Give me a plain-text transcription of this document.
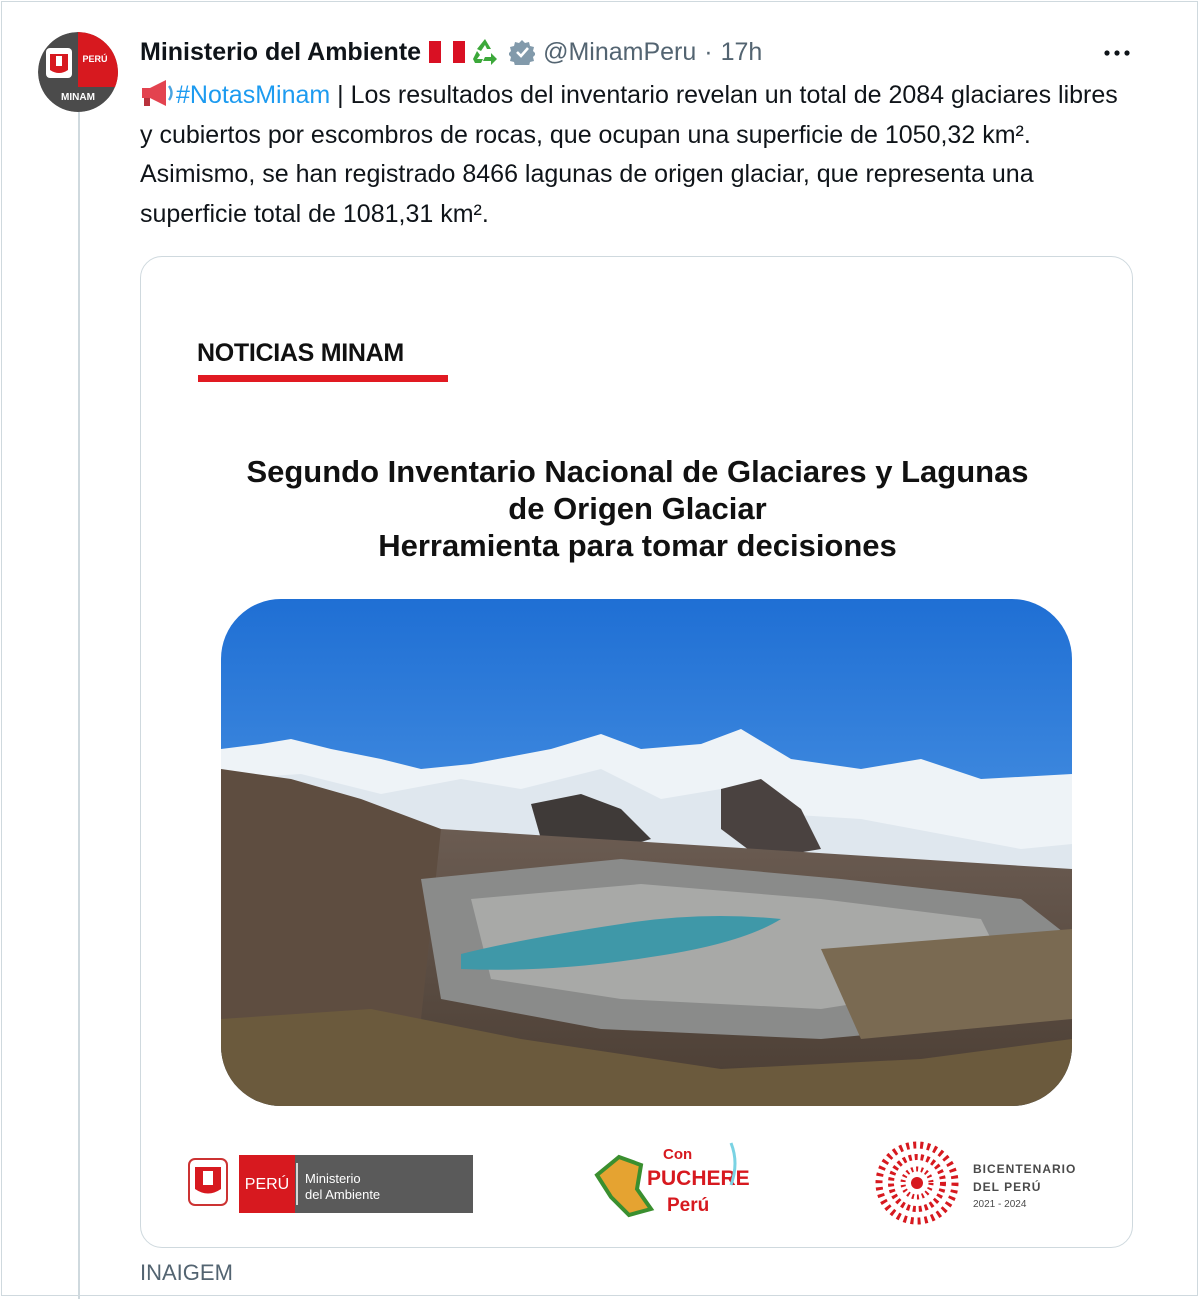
PERÚ
MINAM
Ministerio del Ambiente	@MinamPeru · 17h
#NotasMinam | Los resultados del inventario revelan un total de 2084 glaciares libres y cubiertos por escombros de rocas, que ocupan una superficie de 1050,32 km². Asimismo, se han registrado 8466 lagunas de origen glaciar, que representa una superficie total de 1081,31 km².
NOTICIAS MINAM
Segundo Inventario Nacional de Glaciares y Lagunas
de Origen Glaciar
Herramienta para tomar decisiones
PERÚ Ministerio
del Ambiente
Con
PUCHERE
Perú
BICENTENARIO
DEL PERÚ
2021 - 2024
INAIGEM
